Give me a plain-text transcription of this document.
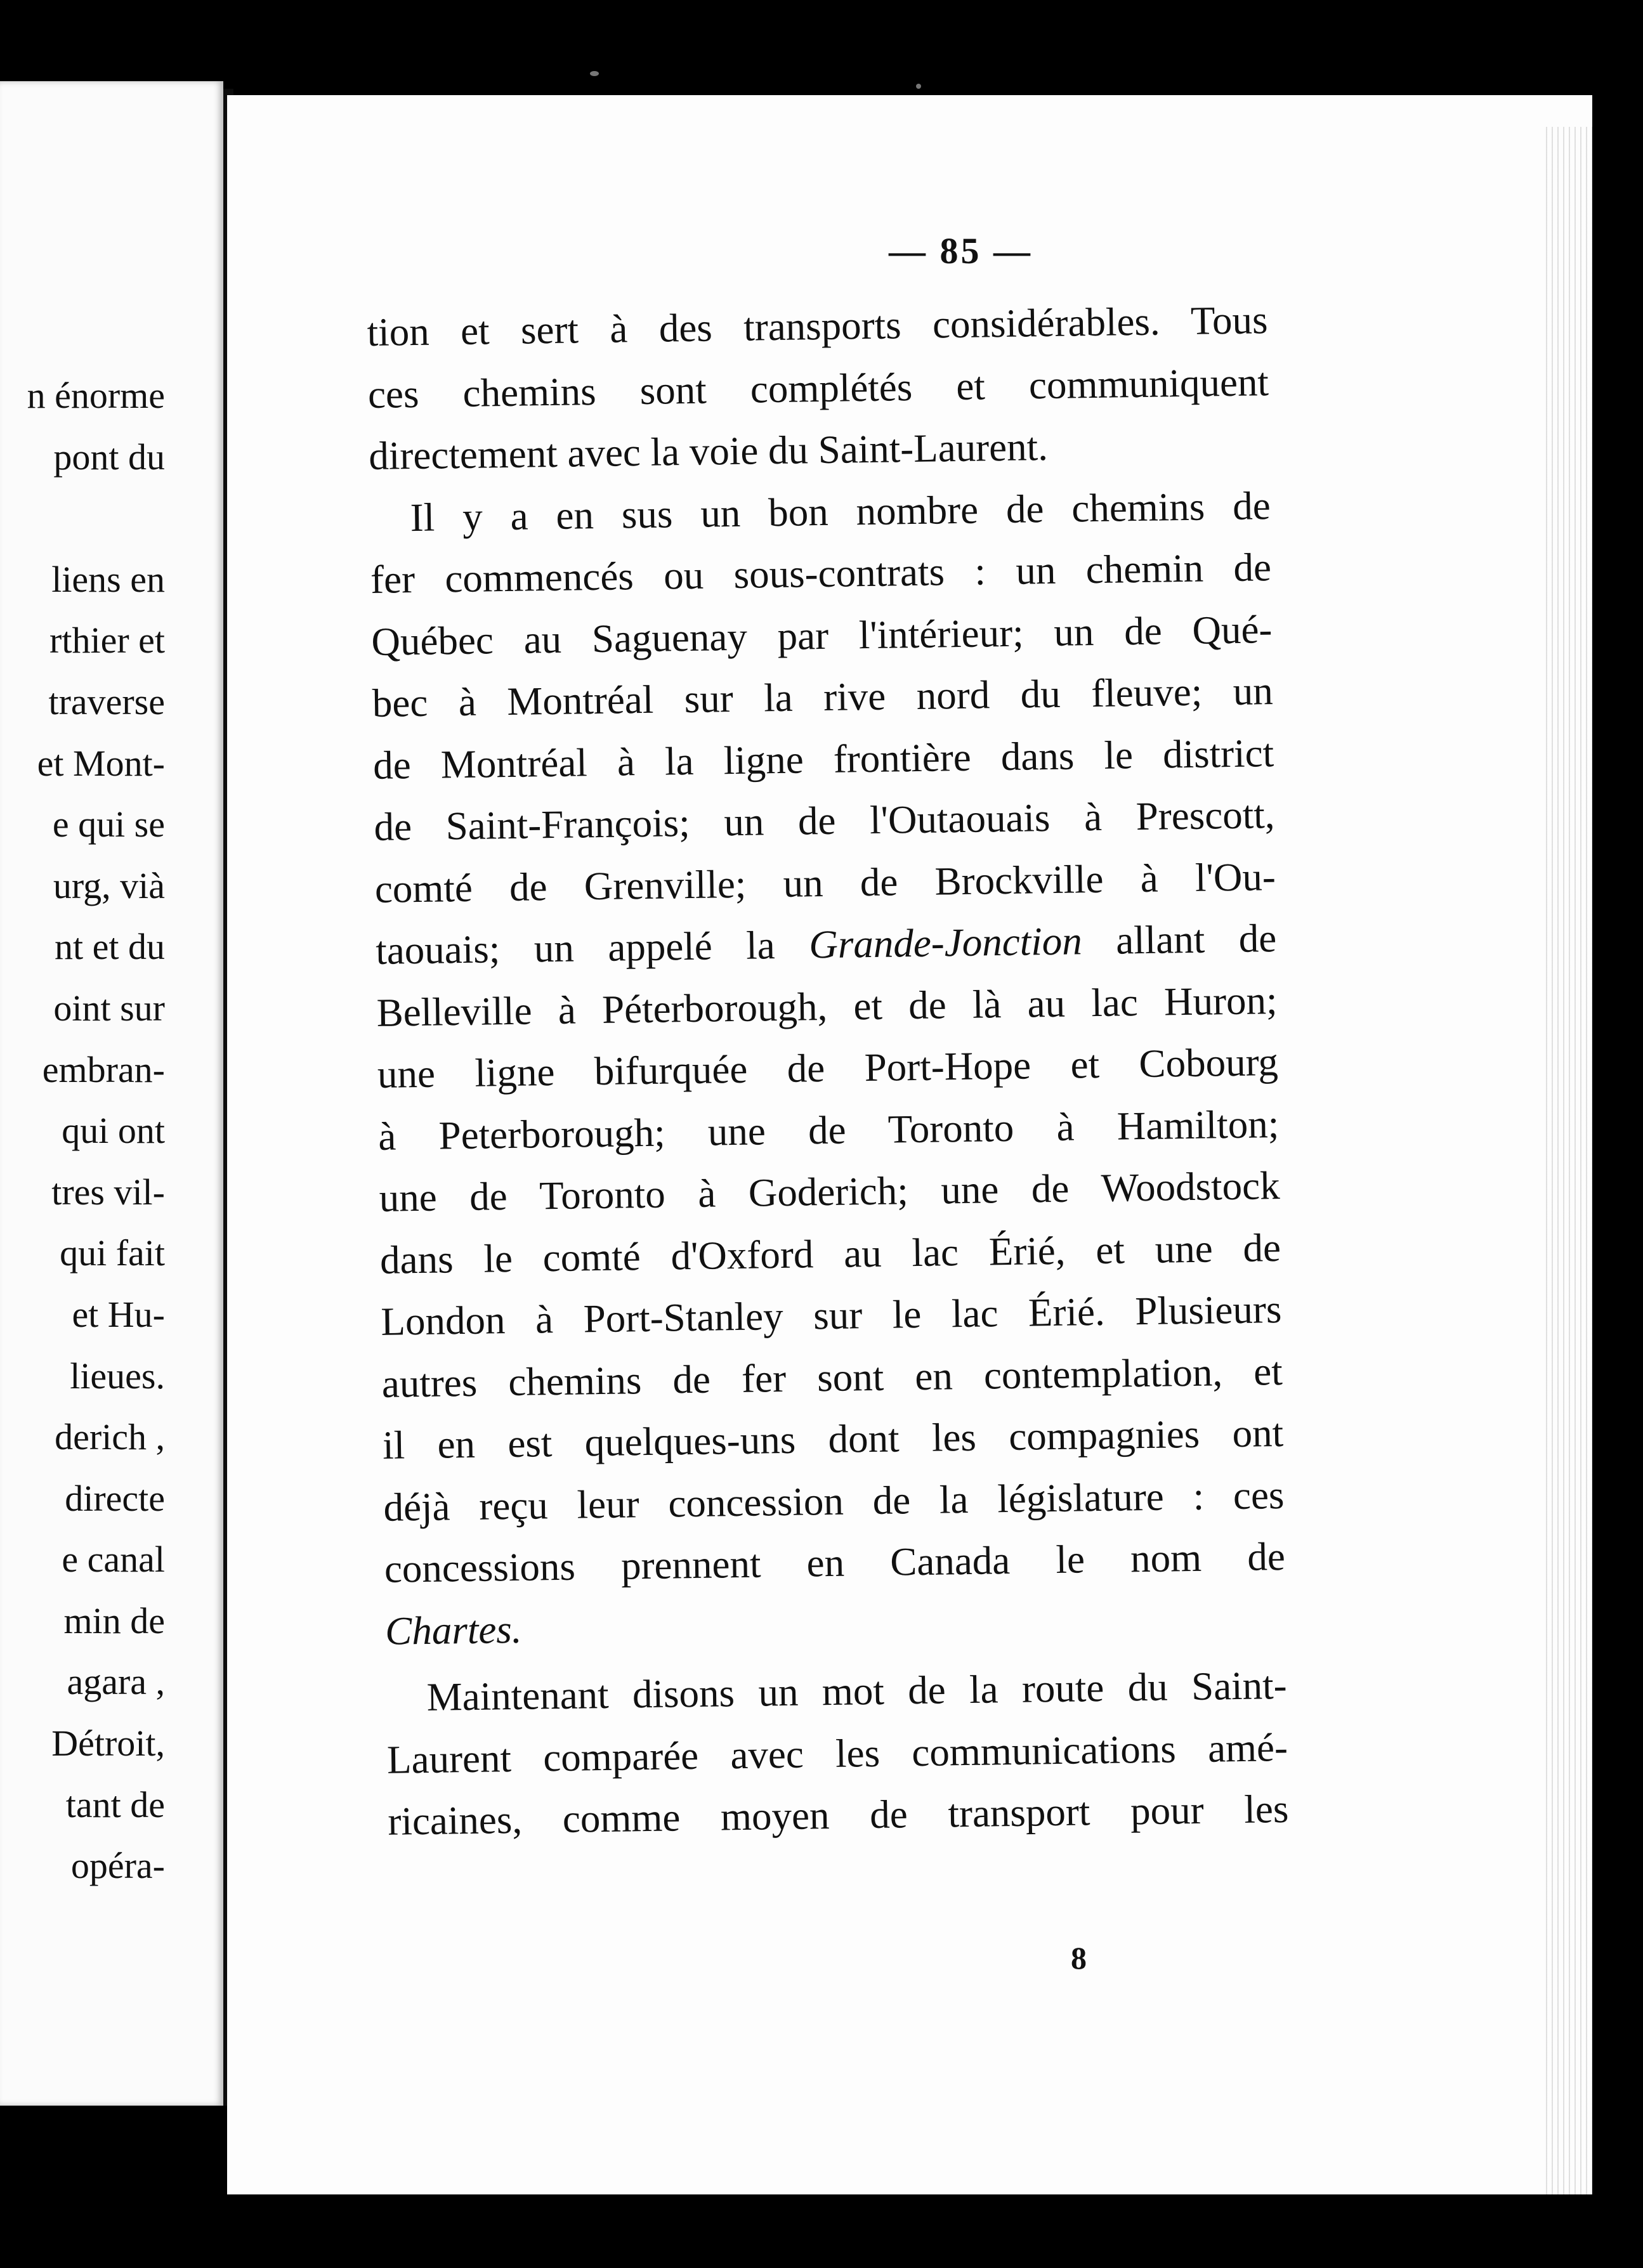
n énorme
pont du
liens en
rthier et
traverse
et Mont-
e qui se
urg, vià
nt et du
oint sur
embran-
qui ont
tres vil-
qui fait
et Hu-
lieues.
derich ,
directe
e canal
min de
agara ,
Détroit,
tant de
opéra-
— 85 —
tion et sert à des transports considérables. Tous
ces chemins sont complétés et communiquent
directement avec la voie du Saint-Laurent.
Il y a en sus un bon nombre de chemins de
fer commencés ou sous-contrats : un chemin de
Québec au Saguenay par l'intérieur; un de Qué-
bec à Montréal sur la rive nord du fleuve; un
de Montréal à la ligne frontière dans le district
de Saint-François; un de l'Outaouais à Prescott,
comté de Grenville; un de Brockville à l'Ou-
taouais; un appelé la Grande-Jonction allant de
Belleville à Péterborough, et de là au lac Huron;
une ligne bifurquée de Port-Hope et Cobourg
à Peterborough; une de Toronto à Hamilton;
une de Toronto à Goderich; une de Woodstock
dans le comté d'Oxford au lac Érié, et une de
London à Port-Stanley sur le lac Érié. Plusieurs
autres chemins de fer sont en contemplation, et
il en est quelques-uns dont les compagnies ont
déjà reçu leur concession de la législature : ces
concessions prennent en Canada le nom de
Chartes.
Maintenant disons un mot de la route du Saint-
Laurent comparée avec les communications amé-
ricaines, comme moyen de transport pour les
8
